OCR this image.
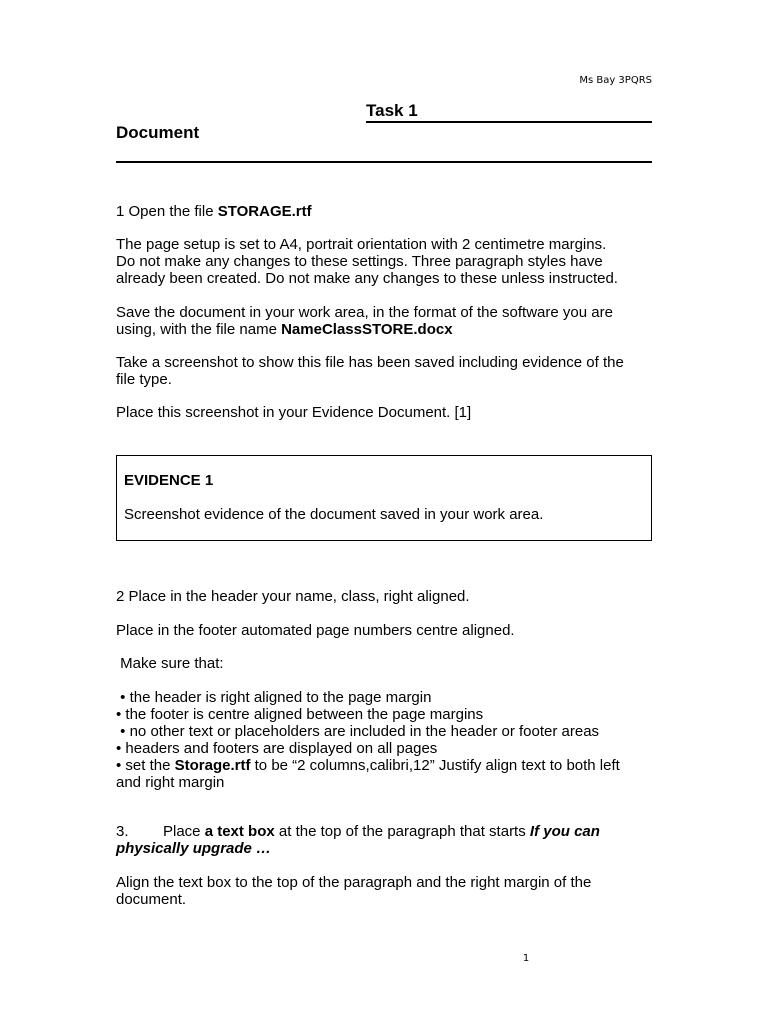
Ms Bay 3PQRS
Task 1
Document

1 Open the file STORAGE.rtf

The page setup is set to A4, portrait orientation with 2 centimetre margins.
Do not make any changes to these settings. Three paragraph styles have
already been created. Do not make any changes to these unless instructed.
Save the document in your work area, in the format of the software you are
using, with the file name NameClassSTORE.docx
Take a screenshot to show this file has been saved including evidence of the
file type.

Place this screenshot in your Evidence Document. [1]

EVIDENCE 1
Screenshot evidence of the document saved in your work area.

2 Place in the header your name, class, right aligned.

Place in the footer automated page numbers centre aligned.

Make sure that:

• the header is right aligned to the page margin
• the footer is centre aligned between the page margins
• no other text or placeholders are included in the header or footer areas
• headers and footers are displayed on all pages
• set the Storage.rtf to be “2 columns,calibri,12” Justify align text to both left
and right margin
3. Place a text box at the top of the paragraph that starts If you can
physically upgrade …
Align the text box to the top of the paragraph and the right margin of the
document.
1
